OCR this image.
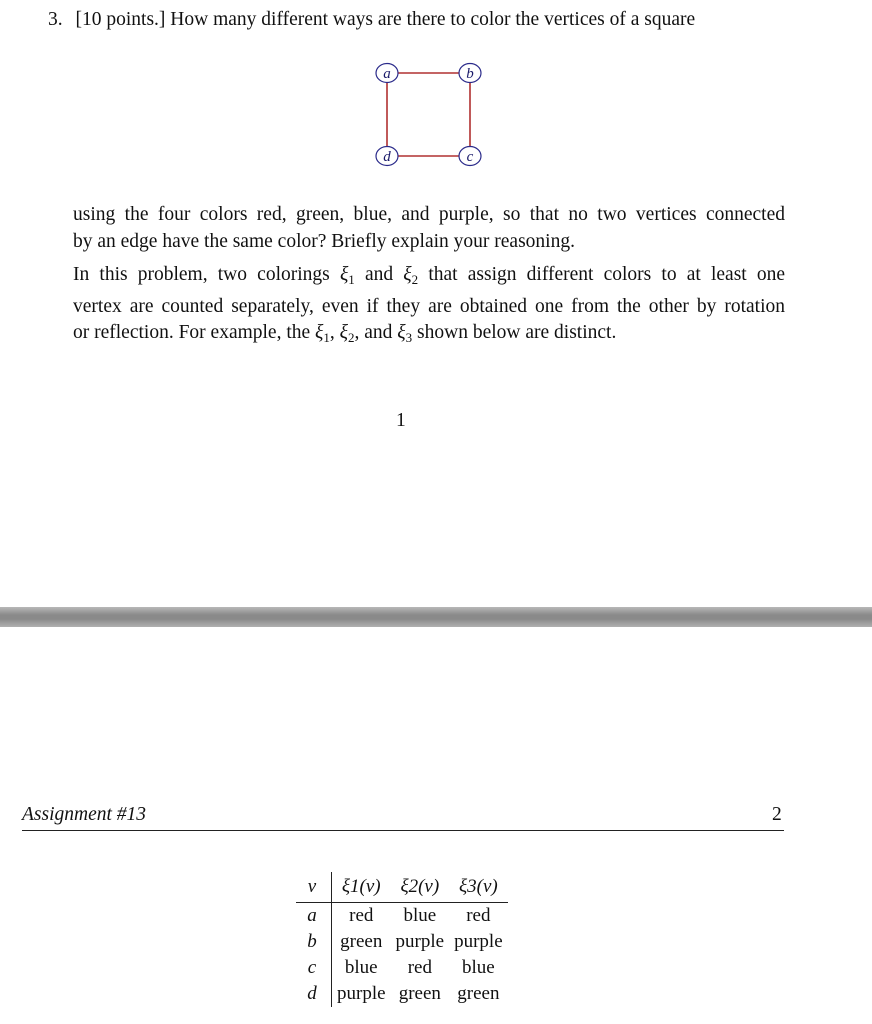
3. [10 points.] How many different ways are there to color the vertices of a square
a	b
c
d
using the four colors red, green, blue, and purple, so that no two vertices connected
by an edge have the same color? Briefly explain your reasoning.
In this problem, two colorings $\xi_1$ and $\xi_2$ that assign different colors to at least one
vertex are counted separately, even if they are obtained one from the other by rotation
or reflection. For example, the $\xi_1$, $\xi_2$, and $\xi_3$ shown below are distinct.
1
Assignment #13	2
v	ξ1(v)	ξ2(v)	ξ3(v)
a	red	blue	red
b	green	purple	purple
c	blue	red	blue
d	purple	green	green
